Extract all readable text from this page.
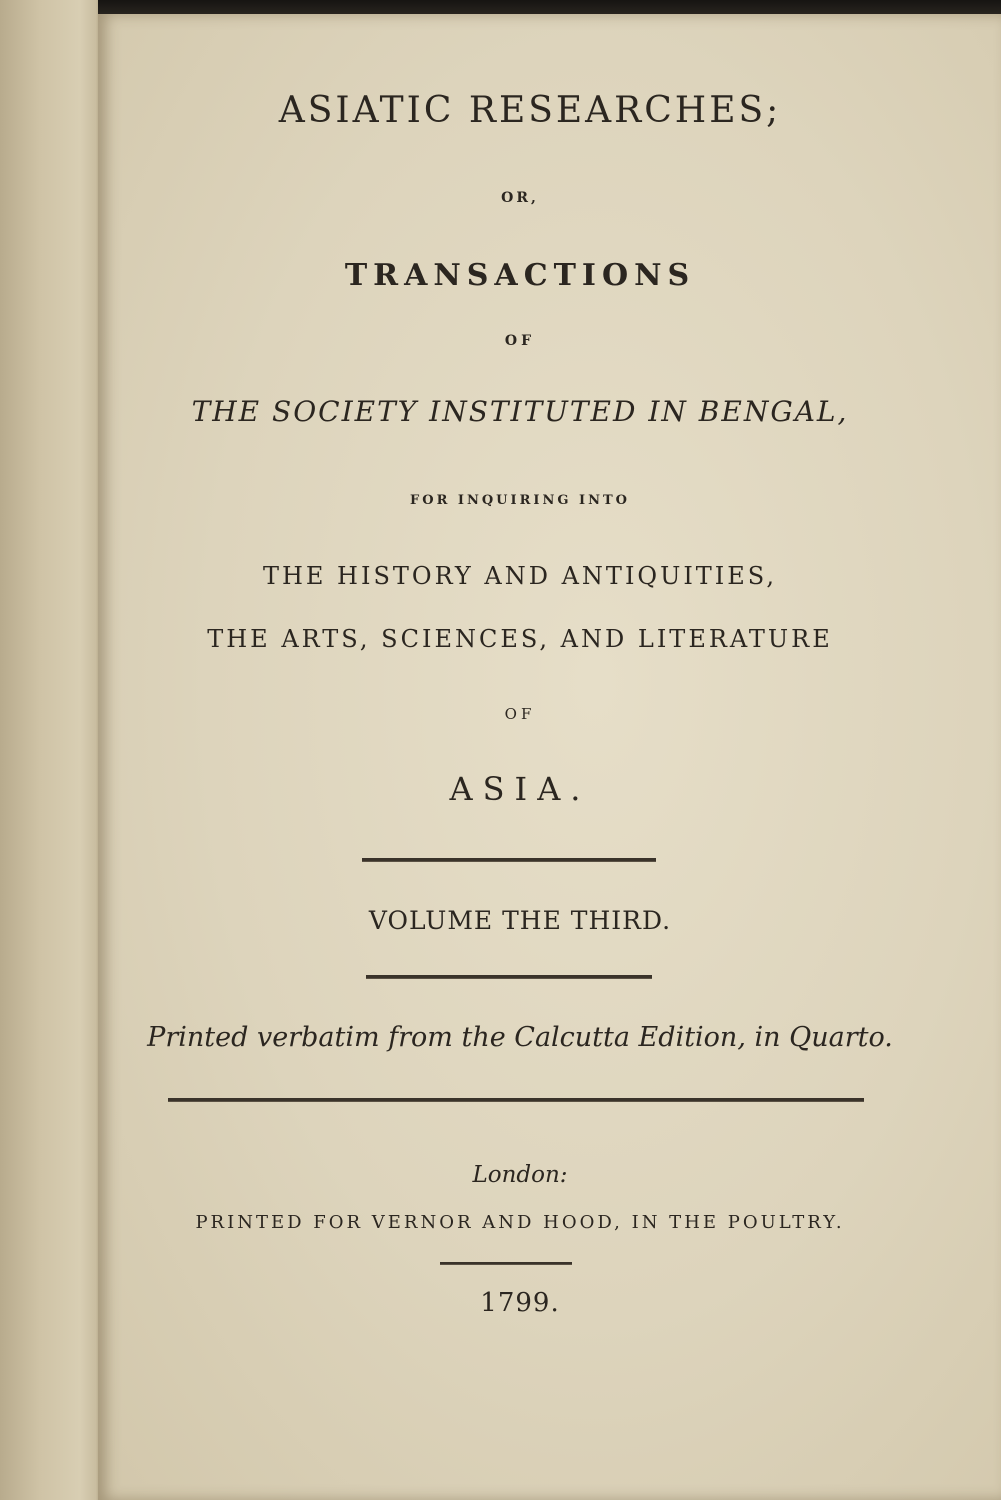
ASIATIC RESEARCHES;
OR,
TRANSACTIONS
OF
THE SOCIETY INSTITUTED IN BENGAL,
FOR INQUIRING INTO
THE HISTORY AND ANTIQUITIES,
THE ARTS, SCIENCES, AND LITERATURE
OF
ASIA.
VOLUME THE THIRD.
Printed verbatim from the Calcutta Edition, in Quarto.
London:
PRINTED FOR VERNOR AND HOOD, IN THE POULTRY.
1799.
